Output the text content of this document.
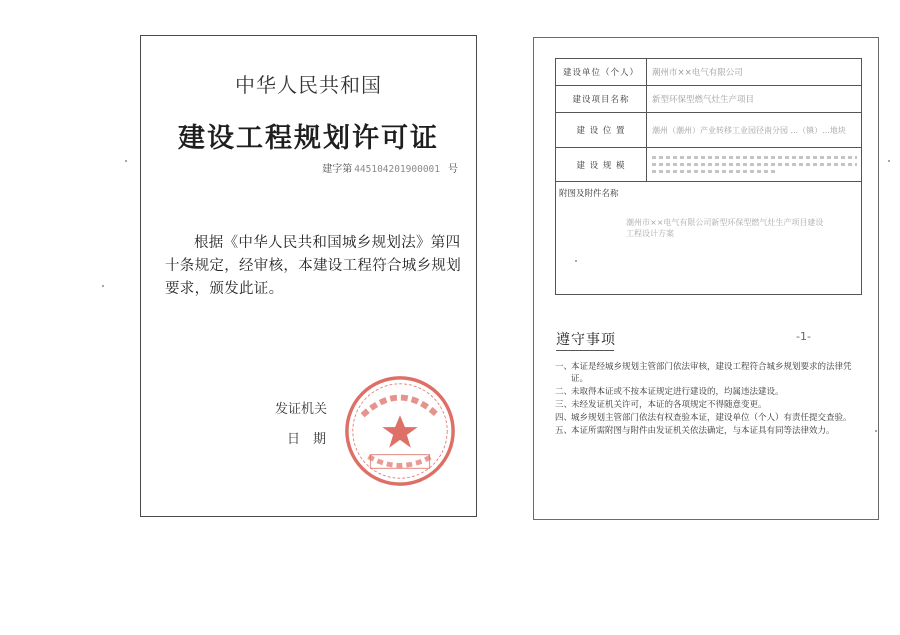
中华人民共和国
建设工程规划许可证
建字第 445104201900001 号
根据《中华人民共和国城乡规划法》第四十条规定，经审核，本建设工程符合城乡规划要求，颁发此证。
发证机关
日　期
建设单位（个人）	潮州市××电气有限公司
建设项目名称	新型环保型燃气灶生产项目
建 设 位 置	潮州（潮州）产业转移工业园径南分园 ...（镇）...地块
建 设 规 模
附图及附件名称
潮州市××电气有限公司新型环保型燃气灶生产项目建设工程设计方案
遵守事项	-1-
一、本证是经城乡规划主管部门依法审核，建设工程符合城乡规划要求的法律凭证。
二、未取得本证或不按本证规定进行建设的，均属违法建设。
三、未经发证机关许可，本证的各项规定不得随意变更。
四、城乡规划主管部门依法有权查验本证，建设单位（个人）有责任提交查验。
五、本证所需附图与附件由发证机关依法确定，与本证具有同等法律效力。
